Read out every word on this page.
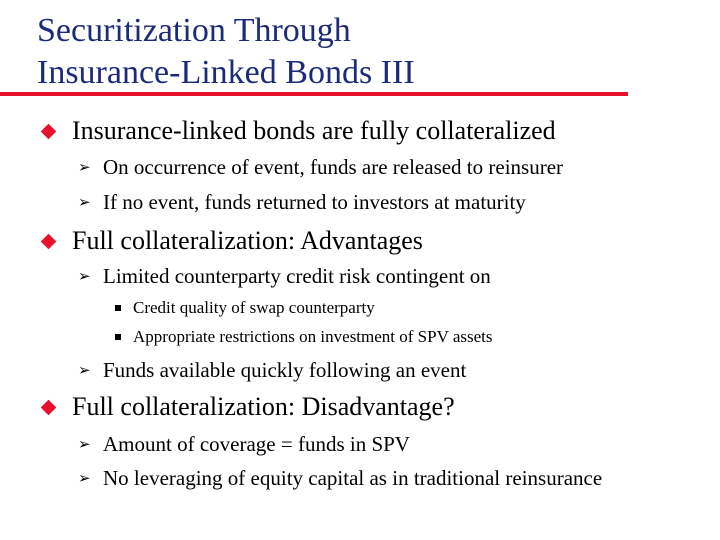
Securitization Through
Insurance-Linked Bonds III
Insurance-linked bonds are fully collateralized
➢ On occurrence of event, funds are released to reinsurer
➢ If no event, funds returned to investors at maturity
Full collateralization: Advantages
➢ Limited counterparty credit risk contingent on
Credit quality of swap counterparty
Appropriate restrictions on investment of SPV assets
➢ Funds available quickly following an event
Full collateralization: Disadvantage?
➢ Amount of coverage = funds in SPV
➢ No leveraging of equity capital as in traditional reinsurance
